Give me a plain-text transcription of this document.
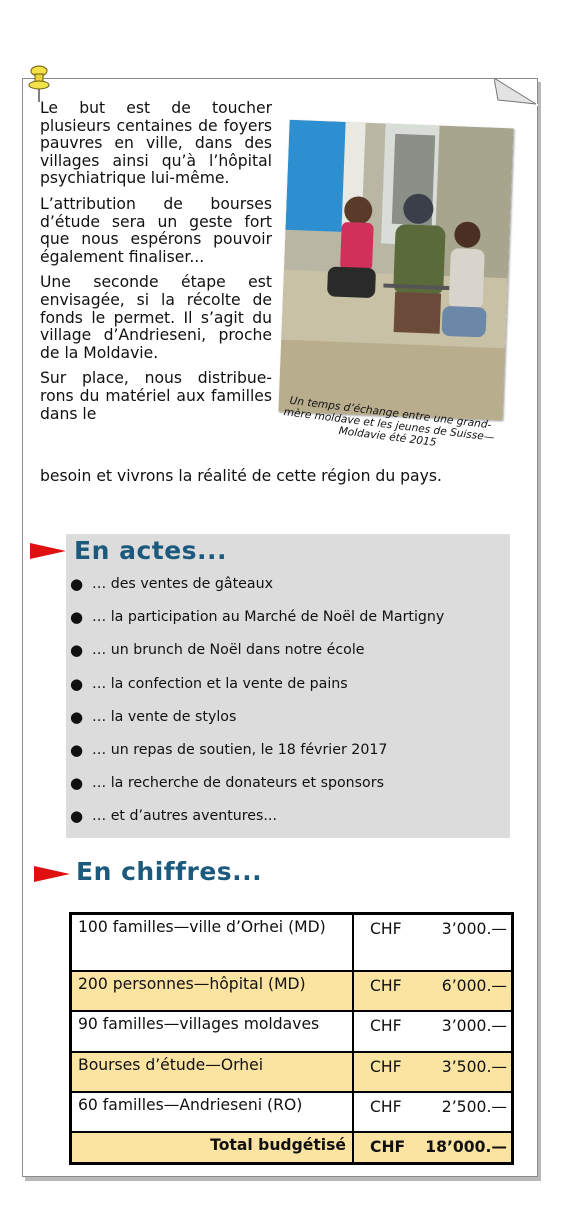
Le but est de toucher plusieurs centaines de foyers pauvres en ville, dans des villages ainsi qu’à l’hôpital psychiatrique lui-même.

L’attribution de bourses d’étude sera un geste fort que nous espérons pouvoir également finaliser...

Une seconde étape est envisagée, si la récolte de fonds le permet. Il s’agit du village d’Andrieseni, proche de la Moldavie.

Sur place, nous distribue-rons du matériel aux familles dans le

besoin et vivrons la réalité de cette région du pays.
Un temps d’échange entre une grand-mère moldave et les jeunes de Suisse—Moldavie été 2015
En actes...
● … des ventes de gâteaux
● … la participation au Marché de Noël de Martigny
● … un brunch de Noël dans notre école
● … la confection et la vente de pains
● … la vente de stylos
● … un repas de soutien, le 18 février 2017
● … la recherche de donateurs et sponsors
● … et d’autres aventures...
En chiffres...
100 familles—ville d’Orhei (MD)	CHF	3’000.—
200 personnes—hôpital (MD)	CHF	6’000.—
90 familles—villages moldaves	CHF	3’000.—
Bourses d’étude—Orhei	CHF	3’500.—
60 familles—Andrieseni (RO)	CHF	2’500.—
Total budgétisé	CHF 18’000.—
